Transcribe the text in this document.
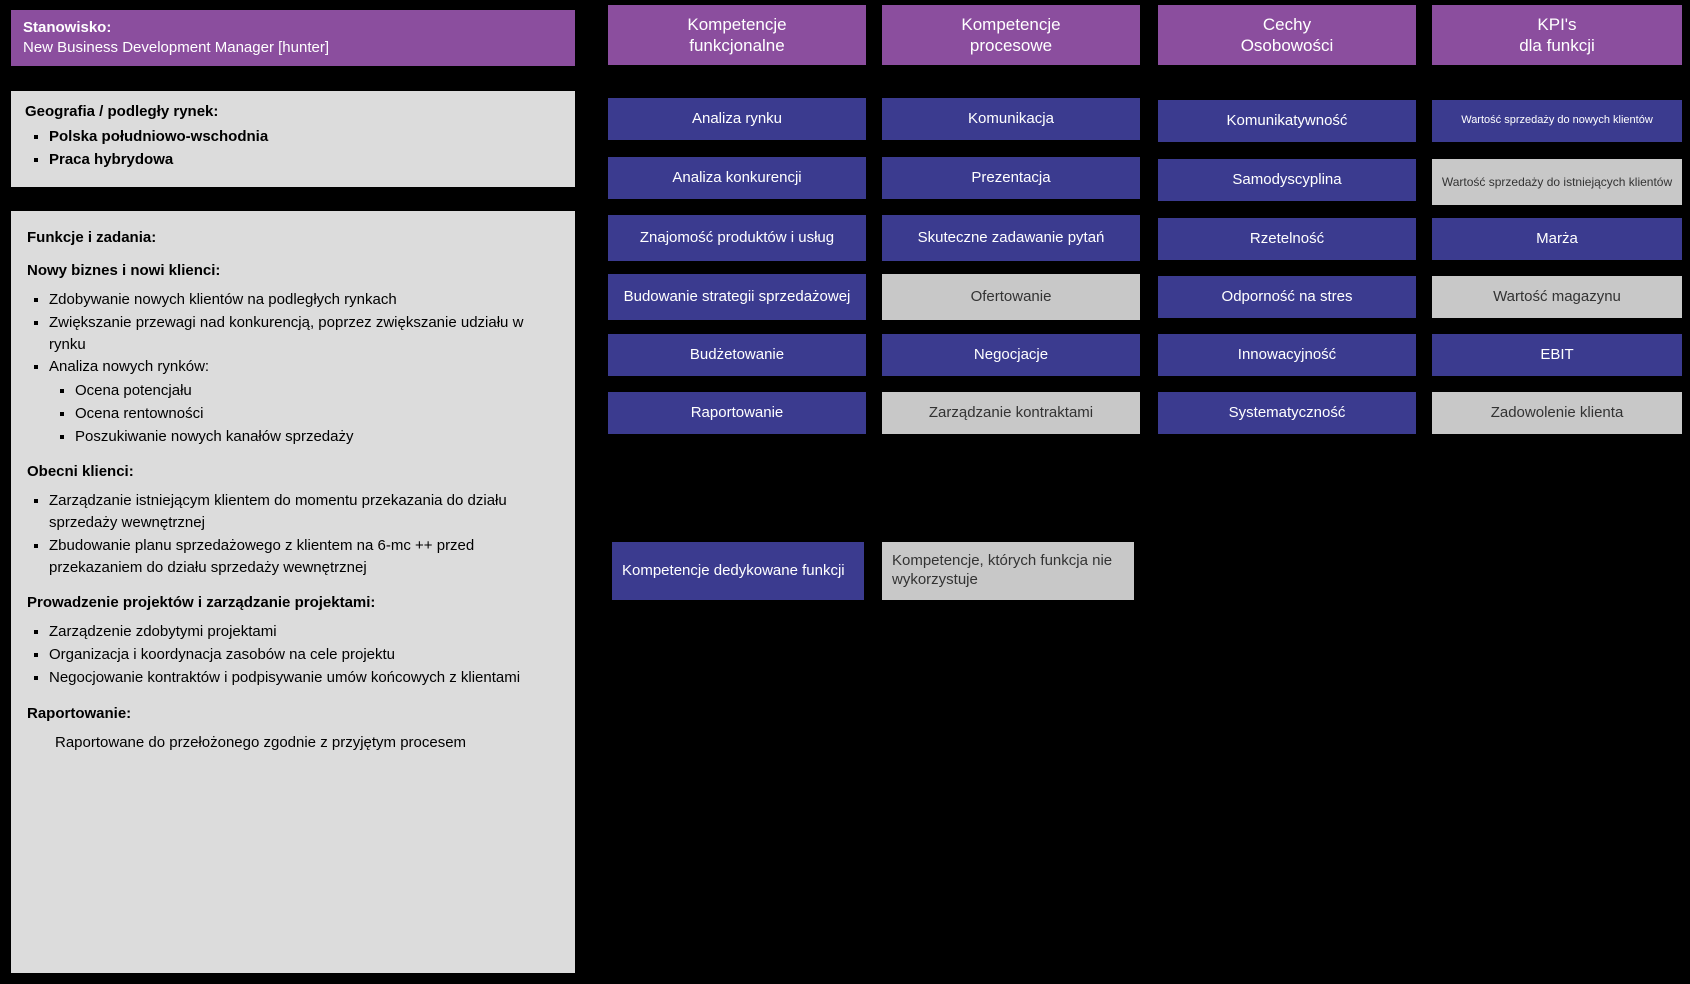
Stanowisko:
New Business Development Manager [hunter]
Geografia / podległy rynek:
▪ Polska południowo-wschodnia
▪ Praca hybrydowa
Funkcje i zadania:
Nowy biznes i nowi klienci:
▪ Zdobywanie nowych klientów na podległych rynkach
▪ Zwiększanie przewagi nad konkurencją, poprzez zwiększanie udziału w rynku
▪ Analiza nowych rynków:
▪ Ocena potencjału
▪ Ocena rentowności
▪ Poszukiwanie nowych kanałów sprzedaży
Obecni klienci:
▪ Zarządzanie istniejącym klientem do momentu przekazania do działu sprzedaży wewnętrznej
▪ Zbudowanie planu sprzedażowego z klientem na 6-mc ++ przed przekazaniem do działu sprzedaży wewnętrznej
Prowadzenie projektów i zarządzanie projektami:
▪ Zarządzenie zdobytymi projektami
▪ Organizacja i koordynacja zasobów na cele projektu
▪ Negocjowanie kontraktów i podpisywanie umów końcowych z klientami
Raportowanie:
Raportowane do przełożonego zgodnie z przyjętym procesem
Kompetencje
funkcjonalne
Kompetencje
procesowe
Cechy
Osobowości
KPI's
dla funkcji
Analiza rynku
Analiza konkurencji
Znajomość produktów i usług
Budowanie strategii sprzedażowej
Budżetowanie
Raportowanie
Komunikacja
Prezentacja
Skuteczne zadawanie pytań
Ofertowanie
Negocjacje
Zarządzanie kontraktami
Komunikatywność
Samodyscyplina
Rzetelność
Odporność na stres
Innowacyjność
Systematyczność
Wartość sprzedaży do nowych klientów
Wartość sprzedaży do istniejących klientów
Marża
Wartość magazynu
EBIT
Zadowolenie klienta
Kompetencje dedykowane funkcji
Kompetencje, których funkcja nie wykorzystuje
